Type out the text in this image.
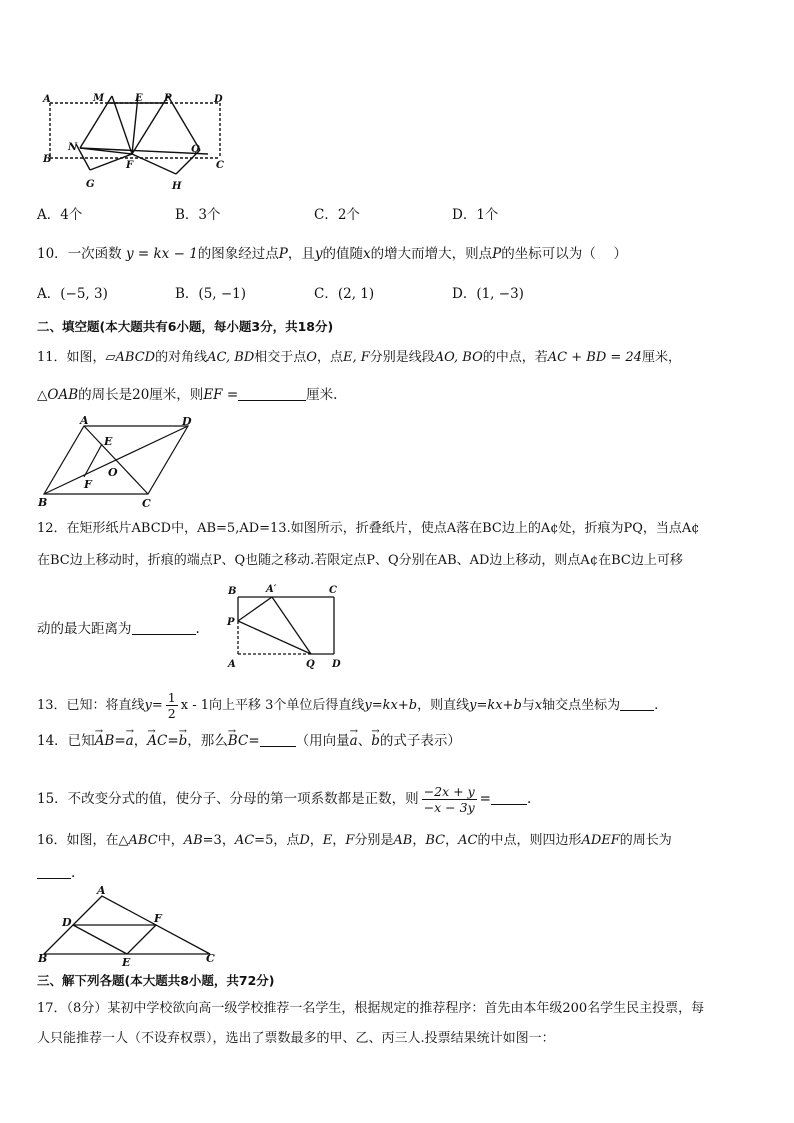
A	M	E P	D
B
N
F
Q
C
G	H
A．4个	B．3个	C．2个	D．1个
10．一次函数 y = kx − 1的图象经过点P，且y的值随x的增大而增大，则点P的坐标可以为（　 ）
A．(−5, 3)	B．(5, −1)	C．(2, 1)	D．(1, −3)
二、填空题(本大题共有6小题，每小题3分，共18分)
11．如图，▱ABCD的对角线AC, BD相交于点O，点E, F分别是线段AO, BO的中点，若AC + BD = 24厘米，
△OAB的周长是20厘米，则EF =	厘米.
A	D
E
O
F
B	C
12．在矩形纸片ABCD中，AB=5,AD=13.如图所示，折叠纸片，使点A落在BC边上的A¢处，折痕为PQ，当点A¢
在BC边上移动时，折痕的端点P、Q也随之移动.若限定点P、Q分别在AB、AD边上移动，则点A¢在BC边上可移
动的最大距离为	.
B	A′	C
P
A	Q D
13．已知：将直线$y= \frac{1}{2}$ x - 1向上平移 3个单位后得直线y=kx+b，则直线y=kx+b与x轴交点坐标为	.
14．已知→ AB=→ a，→ AC=→ b，那么→ BC=	（用向量→ a、→ b的式子表示）
15．不改变分式的值，使分子、分母的第一项系数都是正数，则 $\frac{-2x + y}{-x - 3y}$ =	.
16．如图，在△ABC中，AB=3，AC=5，点D，E，F分别是AB，BC，AC的中点，则四边形ADEF的周长为
.
A
D	F
B	E	C
三、解下列各题(本大题共8小题，共72分)
17．（8分）某初中学校欲向高一级学校推荐一名学生，根据规定的推荐程序：首先由本年级200名学生民主投票，每
人只能推荐一人（不设弃权票），选出了票数最多的甲、乙、丙三人.投票结果统计如图一：
